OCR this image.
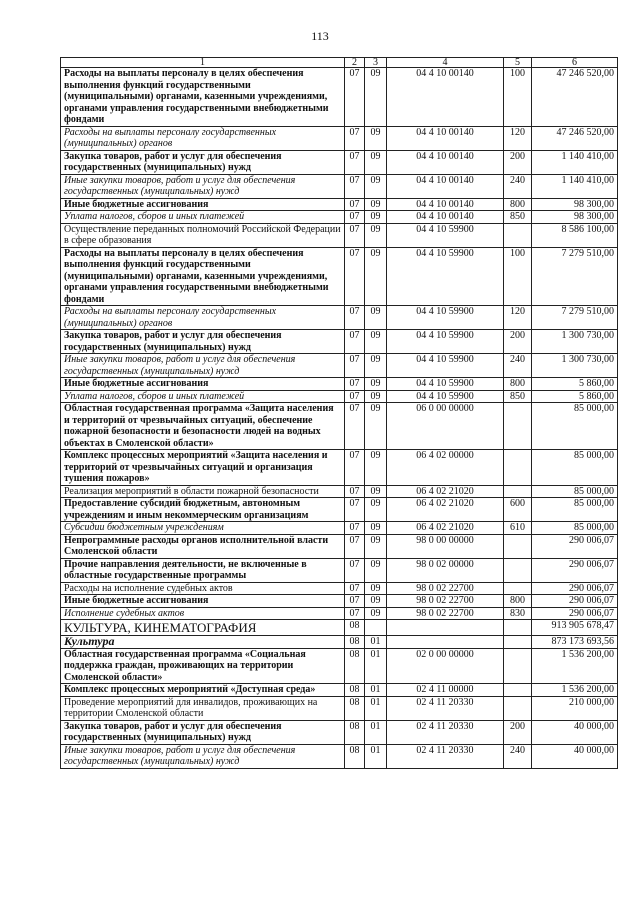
113
1	2	3	4	5	6
Расходы на выплаты персоналу в целях обеспечения выполнения функций государственными (муниципальными) органами, казенными учреждениями, органами управления государственными внебюджетными фондами	07	09	04 4 10 00140	100	47 246 520,00
Расходы на выплаты персоналу государственных (муниципальных) органов	07	09	04 4 10 00140	120	47 246 520,00
Закупка товаров, работ и услуг для обеспечения государственных (муниципальных) нужд	07	09	04 4 10 00140	200	1 140 410,00
Иные закупки товаров, работ и услуг для обеспечения государственных (муниципальных) нужд	07	09	04 4 10 00140	240	1 140 410,00
Иные бюджетные ассигнования	07	09	04 4 10 00140	800	98 300,00
Уплата налогов, сборов и иных платежей	07	09	04 4 10 00140	850	98 300,00
Осуществление переданных полномочий Российской Федерации в сфере образования	07	09	04 4 10 59900		8 586 100,00
Расходы на выплаты персоналу в целях обеспечения выполнения функций государственными (муниципальными) органами, казенными учреждениями, органами управления государственными внебюджетными фондами	07	09	04 4 10 59900	100	7 279 510,00
Расходы на выплаты персоналу государственных (муниципальных) органов	07	09	04 4 10 59900	120	7 279 510,00
Закупка товаров, работ и услуг для обеспечения государственных (муниципальных) нужд	07	09	04 4 10 59900	200	1 300 730,00
Иные закупки товаров, работ и услуг для обеспечения государственных (муниципальных) нужд	07	09	04 4 10 59900	240	1 300 730,00
Иные бюджетные ассигнования	07	09	04 4 10 59900	800	5 860,00
Уплата налогов, сборов и иных платежей	07	09	04 4 10 59900	850	5 860,00
Областная государственная программа «Защита населения и территорий от чрезвычайных ситуаций, обеспечение пожарной безопасности и безопасности людей на водных объектах в Смоленской области»	07	09	06 0 00 00000		85 000,00
Комплекс процессных мероприятий «Защита населения и территорий от чрезвычайных ситуаций и организация тушения пожаров»	07	09	06 4 02 00000		85 000,00
Реализация мероприятий в области пожарной безопасности	07	09	06 4 02 21020		85 000,00
Предоставление субсидий бюджетным, автономным учреждениям и иным некоммерческим организациям	07	09	06 4 02 21020	600	85 000,00
Субсидии бюджетным учреждениям	07	09	06 4 02 21020	610	85 000,00
Непрограммные расходы органов исполнительной власти Смоленской области	07	09	98 0 00 00000		290 006,07
Прочие направления деятельности, не включенные в областные государственные программы	07	09	98 0 02 00000		290 006,07
Расходы на исполнение судебных актов	07	09	98 0 02 22700		290 006,07
Иные бюджетные ассигнования	07	09	98 0 02 22700	800	290 006,07
Исполнение судебных актов	07	09	98 0 02 22700	830	290 006,07
КУЛЬТУРА, КИНЕМАТОГРАФИЯ	08				913 905 678,47
Культура	08	01			873 173 693,56
Областная государственная программа «Социальная поддержка граждан, проживающих на территории Смоленской области»	08	01	02 0 00 00000		1 536 200,00
Комплекс процессных мероприятий «Доступная среда»	08	01	02 4 11 00000		1 536 200,00
Проведение мероприятий для инвалидов, проживающих на территории Смоленской области	08	01	02 4 11 20330		210 000,00
Закупка товаров, работ и услуг для обеспечения государственных (муниципальных) нужд	08	01	02 4 11 20330	200	40 000,00
Иные закупки товаров, работ и услуг для обеспечения государственных (муниципальных) нужд	08	01	02 4 11 20330	240	40 000,00
